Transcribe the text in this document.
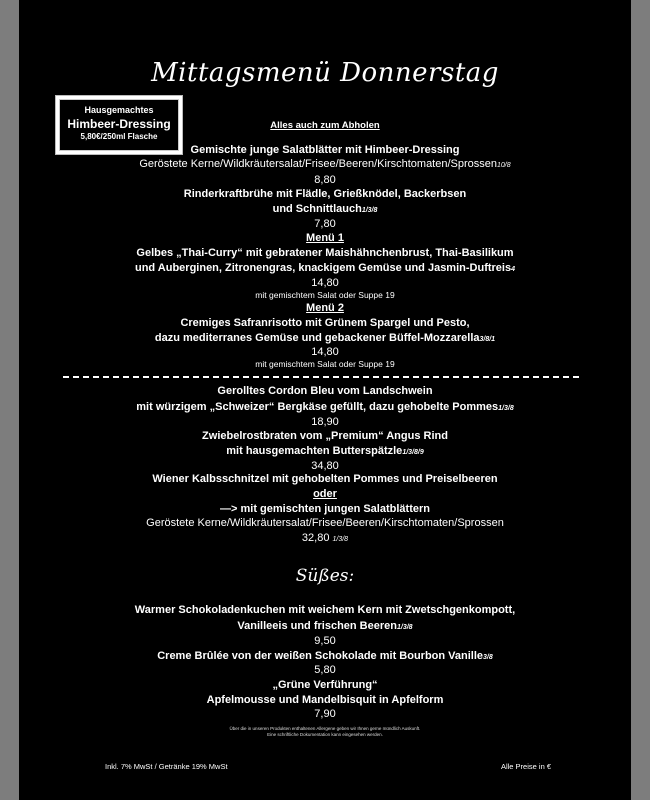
Mittagsmenü Donnerstag
Hausgemachtes
Himbeer-Dressing
5,80€/250ml Flasche
Alles auch zum Abholen
Gemischte junge Salatblätter mit Himbeer-Dressing
Geröstete Kerne/Wildkräutersalat/Frisee/Beeren/Kirschtomaten/Sprossen10/8
8,80
Rinderkraftbrühe mit Flädle, Grießknödel, Backerbsen
und Schnittlauch1/3/8
7,80
Menü 1
Gelbes „Thai-Curry“ mit gebratener Maishähnchenbrust, Thai-Basilikum
und Auberginen, Zitronengras, knackigem Gemüse und Jasmin-Duftreis4
14,80
mit gemischtem Salat oder Suppe 19
Menü 2
Cremiges Safranrisotto mit Grünem Spargel und Pesto,
dazu mediterranes Gemüse und gebackener Büffel-Mozzarella3/8/1
14,80
mit gemischtem Salat oder Suppe 19
Gerolltes Cordon Bleu vom Landschwein
mit würzigem „Schweizer“ Bergkäse gefüllt, dazu gehobelte Pommes1/3/8
18,90
Zwiebelrostbraten vom „Premium“ Angus Rind
mit hausgemachten Butterspätzle1/3/8/9
34,80
Wiener Kalbsschnitzel mit gehobelten Pommes und Preiselbeeren
oder
—> mit gemischten jungen Salatblättern
Geröstete Kerne/Wildkräutersalat/Frisee/Beeren/Kirschtomaten/Sprossen
32,80 1/3/8
Süßes:
Warmer Schokoladenkuchen mit weichem Kern mit Zwetschgenkompott,
Vanilleeis und frischen Beeren1/3/8
9,50
Creme Brûlée von der weißen Schokolade mit Bourbon Vanille3/8
5,80
„Grüne Verführung“
Apfelmousse und Mandelbisquit in Apfelform
7,90
Über die in unseren Produkten enthaltenen Allergene geben wir Ihnen gerne mündlich Auskunft.
Eine schriftliche Dokumentation kann eingesehen werden.
Inkl. 7% MwSt / Getränke 19% MwSt	Alle Preise in €
